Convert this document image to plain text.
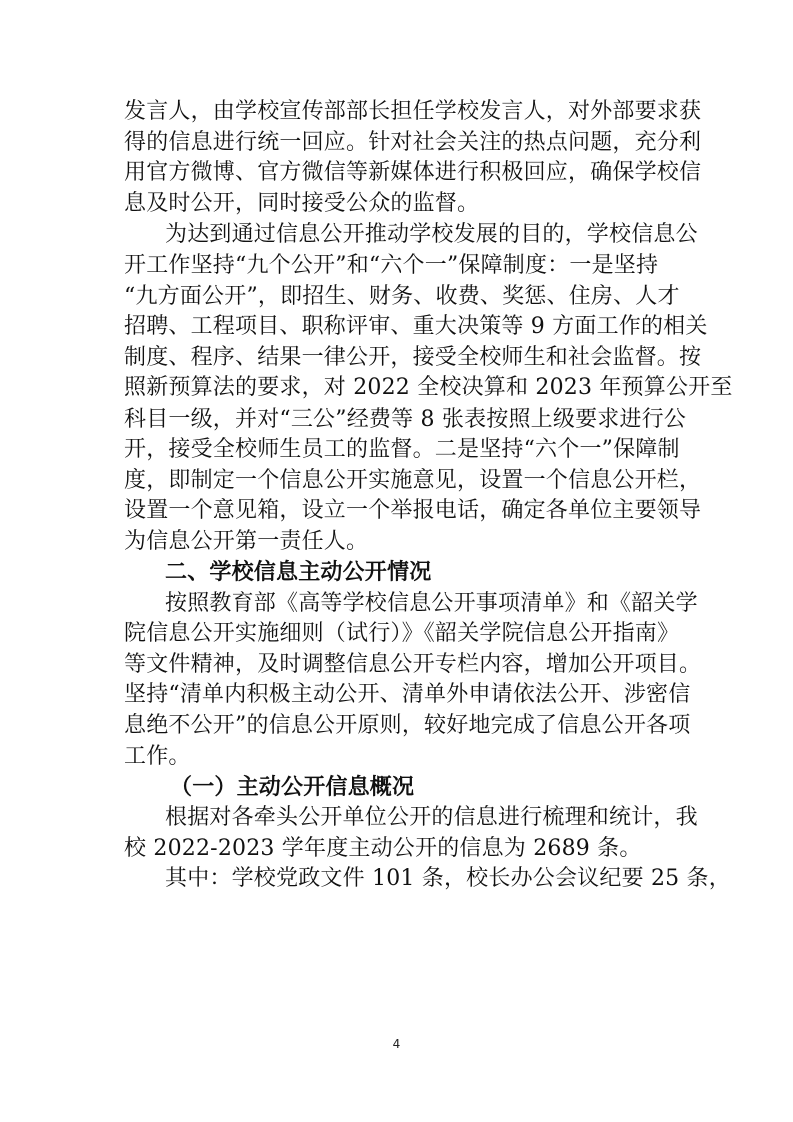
发言人，由学校宣传部部长担任学校发言人，对外部要求获
得的信息进行统一回应。针对社会关注的热点问题，充分利
用官方微博、官方微信等新媒体进行积极回应，确保学校信
息及时公开，同时接受公众的监督。
为达到通过信息公开推动学校发展的目的，学校信息公
开工作坚持“九个公开”和“六个一”保障制度：一是坚持
“九方面公开”，即招生、财务、收费、奖惩、住房、人才
招聘、工程项目、职称评审、重大决策等 9 方面工作的相关
制度、程序、结果一律公开，接受全校师生和社会监督。按
照新预算法的要求，对 2022 全校决算和 2023 年预算公开至
科目一级，并对“三公”经费等 8 张表按照上级要求进行公
开，接受全校师生员工的监督。二是坚持“六个一”保障制
度，即制定一个信息公开实施意见，设置一个信息公开栏，
设置一个意见箱，设立一个举报电话，确定各单位主要领导
为信息公开第一责任人。
二、学校信息主动公开情况
按照教育部《高等学校信息公开事项清单》和《韶关学
院信息公开实施细则（试行）》《韶关学院信息公开指南》
等文件精神，及时调整信息公开专栏内容，增加公开项目。
坚持“清单内积极主动公开、清单外申请依法公开、涉密信
息绝不公开”的信息公开原则，较好地完成了信息公开各项
工作。
（一）主动公开信息概况
根据对各牵头公开单位公开的信息进行梳理和统计，我
校 2022-2023 学年度主动公开的信息为 2689 条。
其中：学校党政文件 101 条，校长办公会议纪要 25 条，
4
